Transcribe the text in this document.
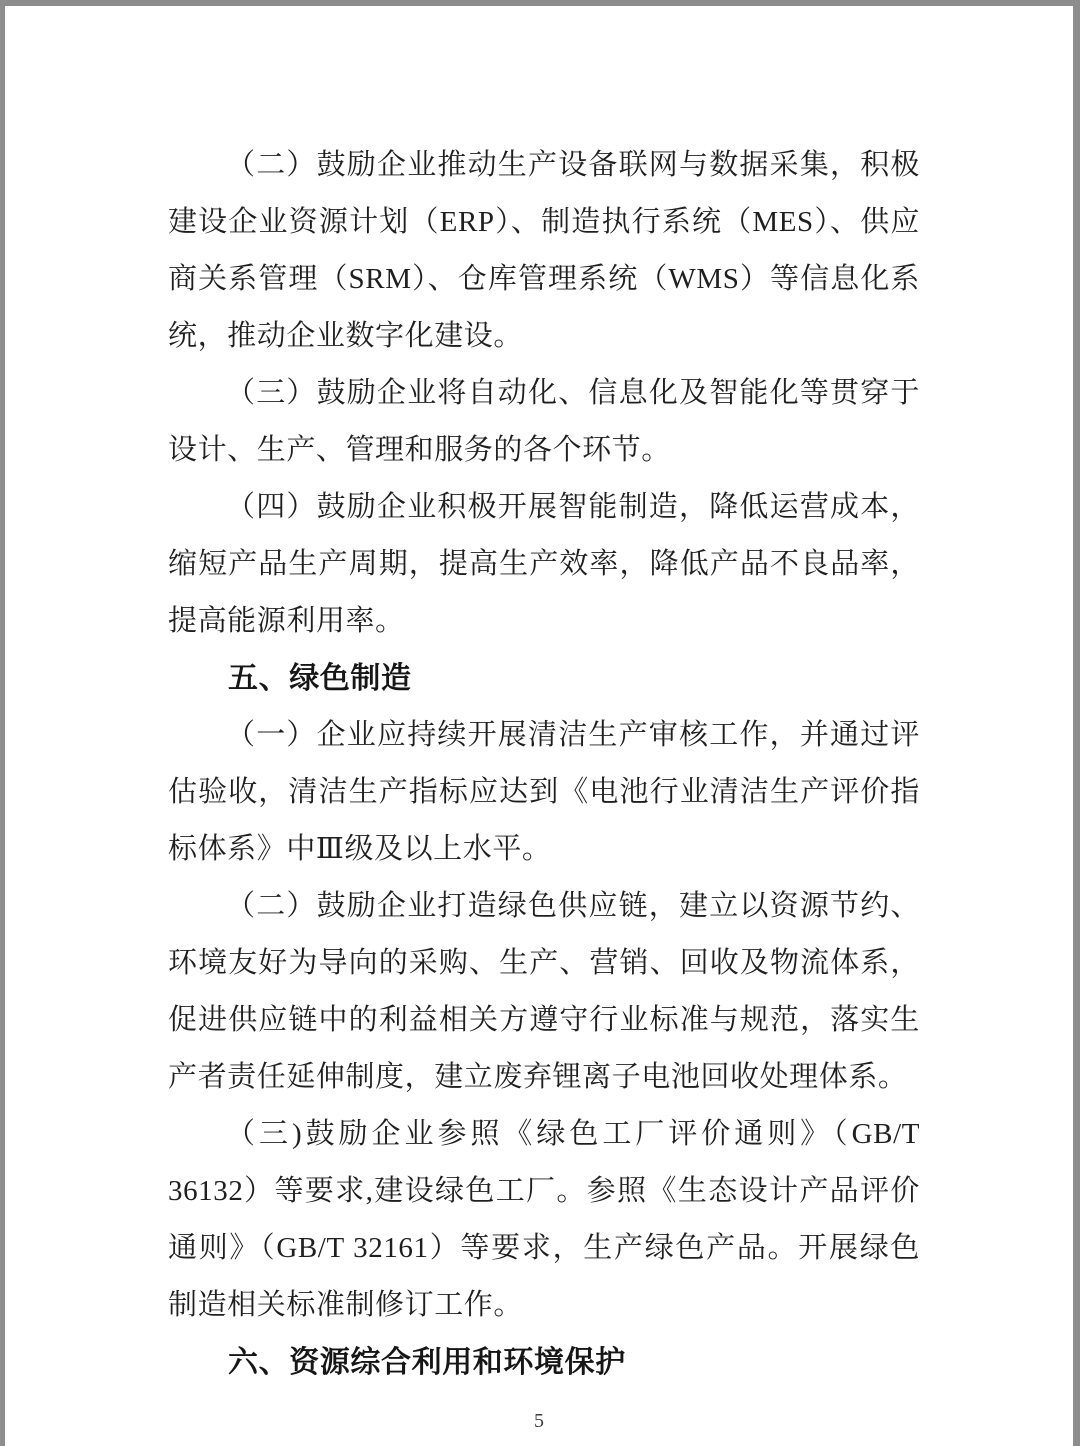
（二）鼓励企业推动生产设备联网与数据采集，积极建设企业资源计划（ERP）、制造执行系统（MES）、供应商关系管理（SRM）、仓库管理系统（WMS）等信息化系统，推动企业数字化建设。

（三）鼓励企业将自动化、信息化及智能化等贯穿于设计、生产、管理和服务的各个环节。

（四）鼓励企业积极开展智能制造，降低运营成本，缩短产品生产周期，提高生产效率，降低产品不良品率，提高能源利用率。

五、绿色制造

（一）企业应持续开展清洁生产审核工作，并通过评估验收，清洁生产指标应达到《电池行业清洁生产评价指标体系》中Ⅲ级及以上水平。

（二）鼓励企业打造绿色供应链，建立以资源节约、环境友好为导向的采购、生产、营销、回收及物流体系，促进供应链中的利益相关方遵守行业标准与规范，落实生产者责任延伸制度，建立废弃锂离子电池回收处理体系。

（三)鼓励企业参照《绿色工厂评价通则》（GB/T 36132）等要求,建设绿色工厂。参照《生态设计产品评价通则》（GB/T 32161）等要求，生产绿色产品。开展绿色制造相关标准制修订工作。

六、资源综合利用和环境保护
5
